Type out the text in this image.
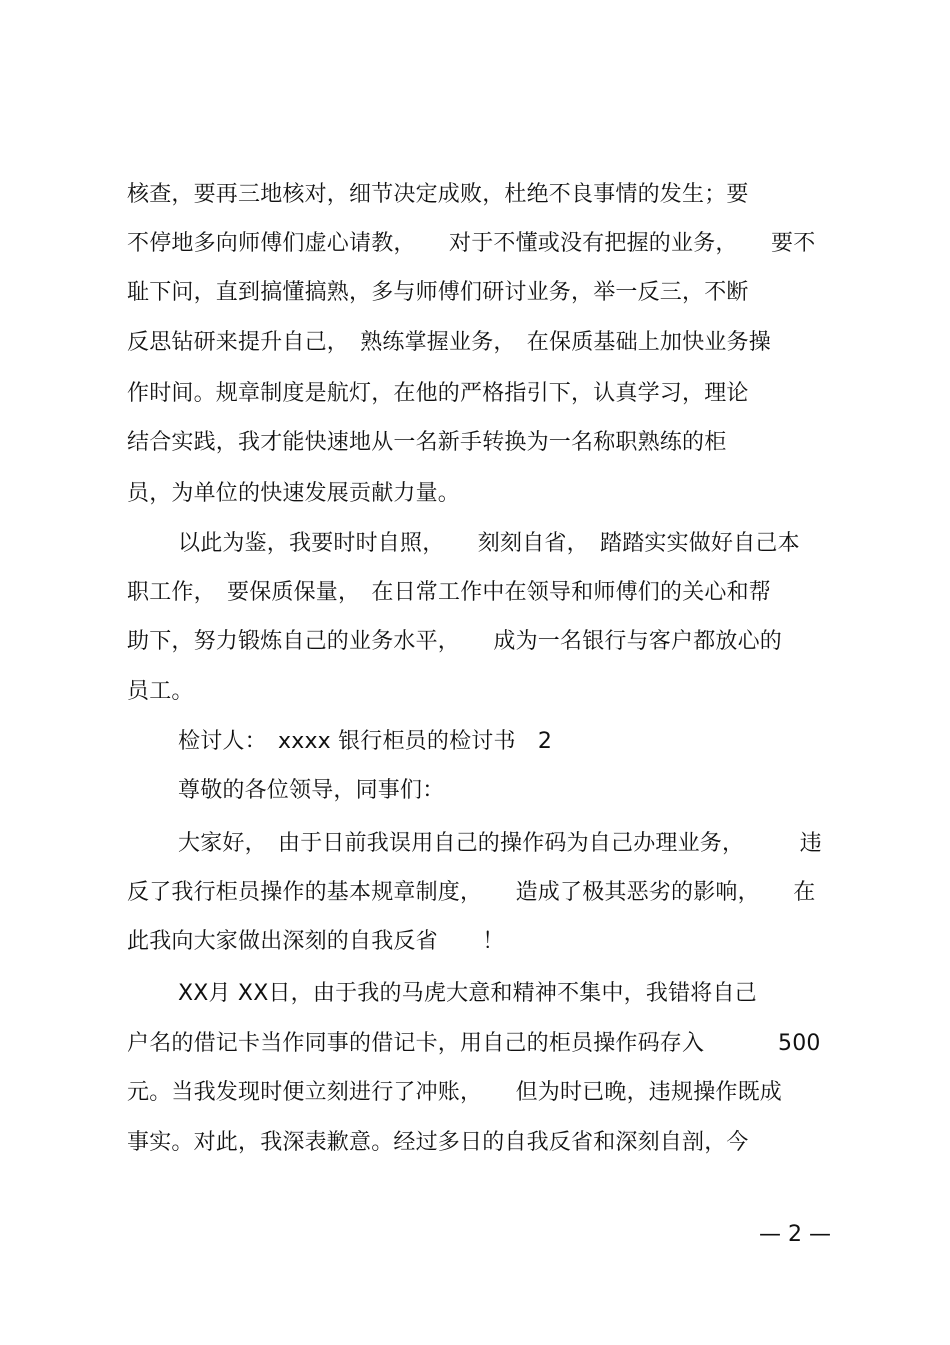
核查，要再三地核对，细节决定成败，杜绝不良事情的发生；要
不停地多向师傅们虚心请教，　　对于不懂或没有把握的业务，　　要不
耻下问，直到搞懂搞熟，多与师傅们研讨业务，举一反三，不断
反思钻研来提升自己，　熟练掌握业务，　在保质基础上加快业务操
作时间。规章制度是航灯，在他的严格指引下，认真学习，理论
结合实践，我才能快速地从一名新手转换为一名称职熟练的柜
员，为单位的快速发展贡献力量。
以此为鉴，我要时时自照，　　刻刻自省，　踏踏实实做好自己本
职工作，　要保质保量，　在日常工作中在领导和师傅们的关心和帮
助下，努力锻炼自己的业务水平，　　成为一名银行与客户都放心的
员工。
检讨人：　xxxx 银行柜员的检讨书　2
尊敬的各位领导，同事们：
大家好，　由于日前我误用自己的操作码为自己办理业务，　　　违
反了我行柜员操作的基本规章制度，　　造成了极其恶劣的影响，　　在
此我向大家做出深刻的自我反省　　！
XX月 XX日，由于我的马虎大意和精神不集中，我错将自己
户名的借记卡当作同事的借记卡，用自己的柜员操作码存入　　　 500
元。当我发现时便立刻进行了冲账，　　但为时已晚，违规操作既成
事实。对此，我深表歉意。经过多日的自我反省和深刻自剖，今
— 2 —
